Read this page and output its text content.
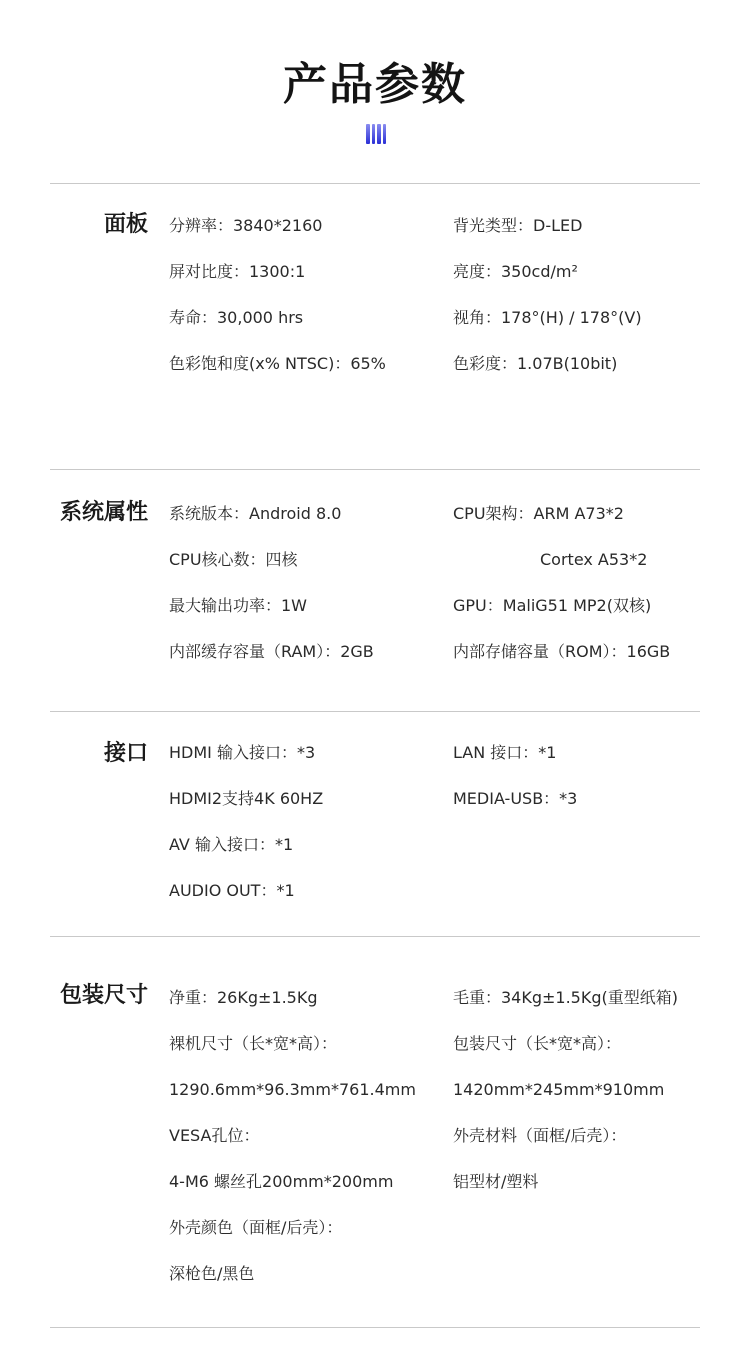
产品参数
面板 分辨率：3840*2160
屏对比度：1300:1
寿命：30,000 hrs
色彩饱和度(x% NTSC)：65%
背光类型：D-LED
亮度：350cd/m²
视角：178°(H) / 178°(V)
色彩度：1.07B(10bit)
系统属性 系统版本：Android 8.0
CPU核心数：四核
最大输出功率：1W
内部缓存容量（RAM）：2GB
CPU架构：ARM A73*2
Cortex A53*2
GPU：MaliG51 MP2(双核)
内部存储容量（ROM）：16GB
接口 HDMI 输入接口：*3
HDMI2支持4K 60HZ
AV 输入接口：*1
AUDIO OUT：*1
LAN 接口：*1
MEDIA-USB：*3
包装尺寸 净重：26Kg±1.5Kg
裸机尺寸（长*宽*高）：
1290.6mm*96.3mm*761.4mm
VESA孔位：
4-M6 螺丝孔200mm*200mm
外壳颜色（面框/后壳）：
深枪色/黑色
毛重：34Kg±1.5Kg(重型纸箱)
包装尺寸（长*宽*高）：
1420mm*245mm*910mm
外壳材料（面框/后壳）：
铝型材/塑料
